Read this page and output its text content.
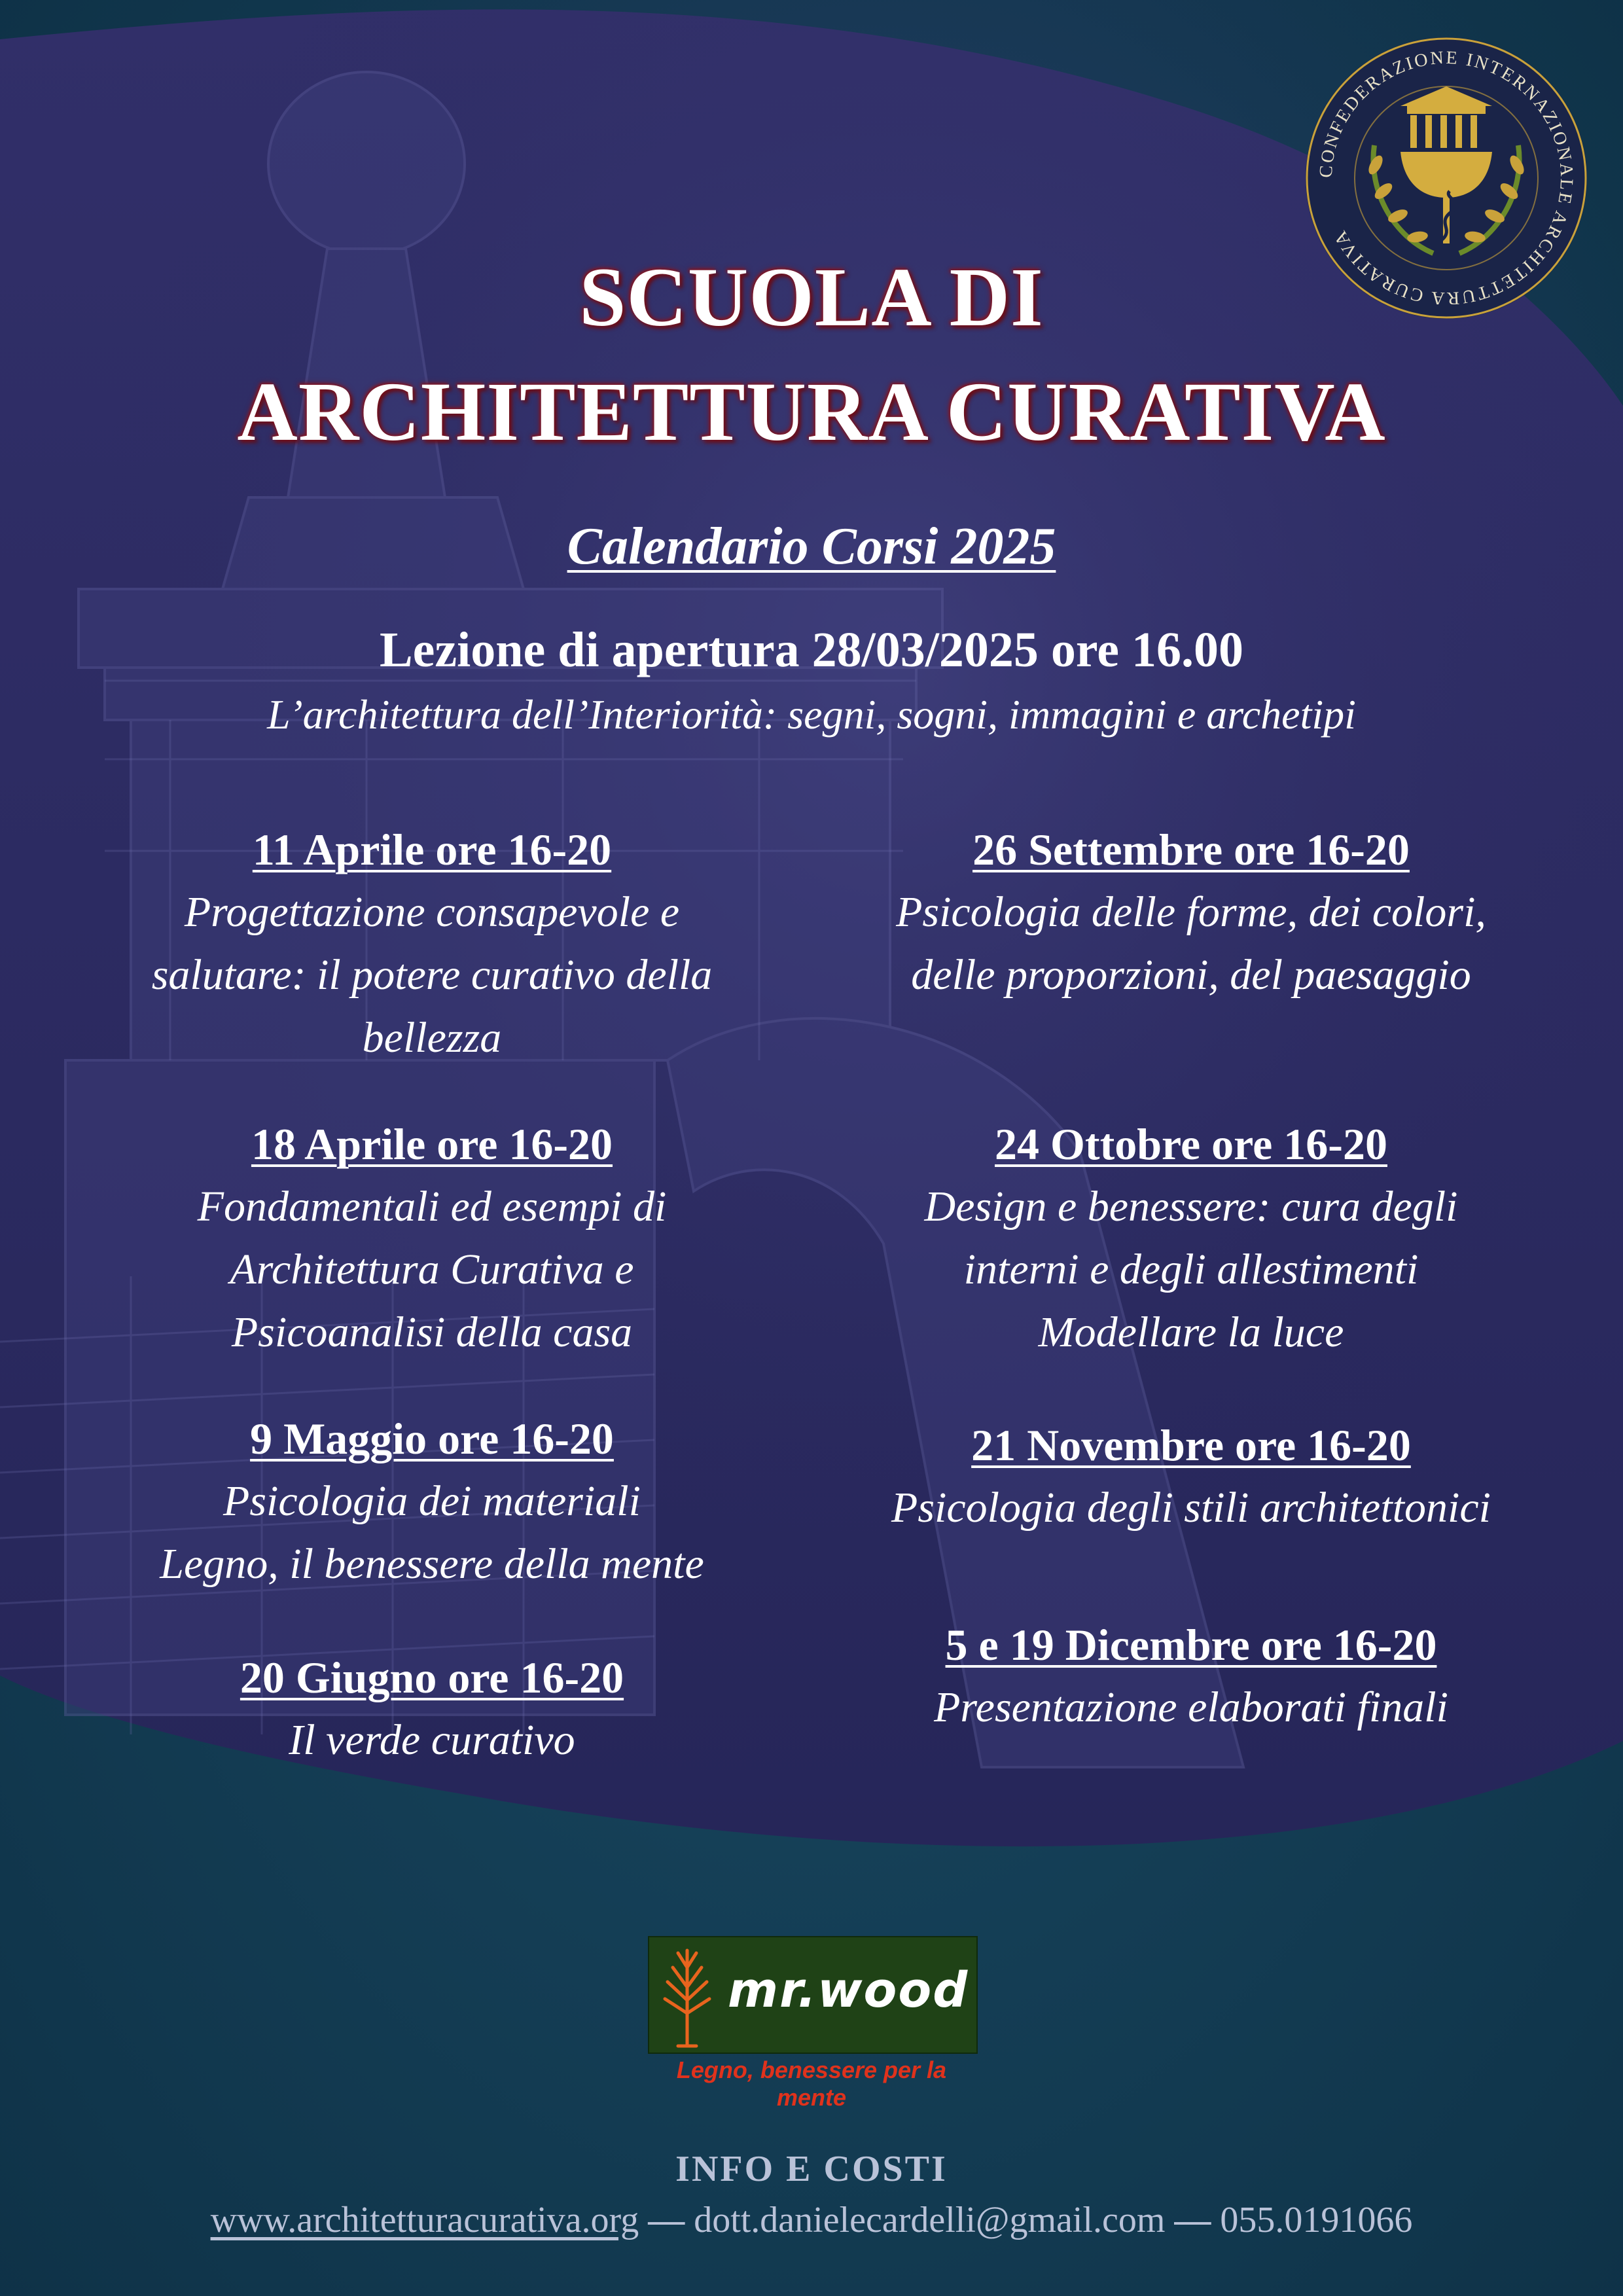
CONFEDERAZIONE INTERNAZIONALE ARCHITETTURA CURATIVA
SCUOLA DI
ARCHITETTURA CURATIVA
Calendario Corsi 2025
Lezione di apertura 28/03/2025 ore 16.00
L’architettura dell’Interiorità: segni, sogni, immagini e archetipi
11 Aprile ore 16-20
Progettazione consapevole e
salutare: il potere curativo della
bellezza
18 Aprile ore 16-20
Fondamentali ed esempi di
Architettura Curativa e
Psicoanalisi della casa
9 Maggio ore 16-20
Psicologia dei materiali
Legno, il benessere della mente
20 Giugno ore 16-20
Il verde curativo
26 Settembre ore 16-20
Psicologia delle forme, dei colori,
delle proporzioni, del paesaggio
24 Ottobre ore 16-20
Design e benessere: cura degli
interni e degli allestimenti
Modellare la luce
21 Novembre ore 16-20
Psicologia degli stili architettonici
5 e 19 Dicembre ore 16-20
Presentazione elaborati finali
mr.wood
Legno, benessere per la mente
INFO E COSTI
www.architetturacurativa.org — dott.danielecardelli@gmail.com — 055.0191066
